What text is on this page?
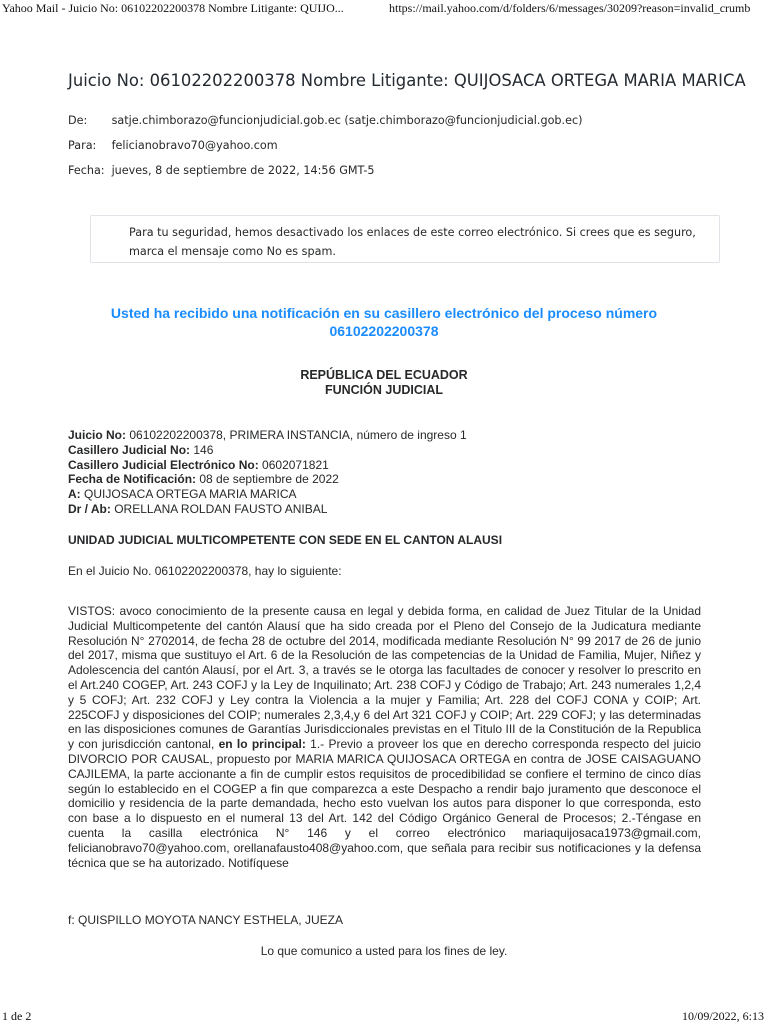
Yahoo Mail - Juicio No: 06102202200378 Nombre Litigante: QUIJO...	https://mail.yahoo.com/d/folders/6/messages/30209?reason=invalid_crumb
Juicio No: 06102202200378 Nombre Litigante: QUIJOSACA ORTEGA MARIA MARICA
De: satje.chimborazo@funcionjudicial.gob.ec (satje.chimborazo@funcionjudicial.gob.ec)
Para: felicianobravo70@yahoo.com
Fecha: jueves, 8 de septiembre de 2022, 14:56 GMT-5

Para tu seguridad, hemos desactivado los enlaces de este correo electrónico. Si crees que es seguro, marca el mensaje como No es spam.

Usted ha recibido una notificación en su casillero electrónico del proceso número
06102202200378
REPÚBLICA DEL ECUADOR
FUNCIÓN JUDICIAL
Juicio No: 06102202200378, PRIMERA INSTANCIA, número de ingreso 1
Casillero Judicial No: 146
Casillero Judicial Electrónico No: 0602071821
Fecha de Notificación: 08 de septiembre de 2022
A: QUIJOSACA ORTEGA MARIA MARICA
Dr / Ab: ORELLANA ROLDAN FAUSTO ANIBAL
UNIDAD JUDICIAL MULTICOMPETENTE CON SEDE EN EL CANTON ALAUSI
En el Juicio No. 06102202200378, hay lo siguiente:

VISTOS: avoco conocimiento de la presente causa en legal y debida forma, en calidad de Juez Titular de la Unidad Judicial Multicompetente del cantón Alausí que ha sido creada por el Pleno del Consejo de la Judicatura mediante Resolución N° 2702014, de fecha 28 de octubre del 2014, modificada mediante Resolución N° 99 2017 de 26 de junio del 2017, misma que sustituyo el Art. 6 de la Resolución de las competencias de la Unidad de Familia, Mujer, Niñez y Adolescencia del cantón Alausí, por el Art. 3, a través se le otorga las facultades de conocer y resolver lo prescrito en el Art.240 COGEP, Art. 243 COFJ y la Ley de Inquilinato; Art. 238 COFJ y Código de Trabajo; Art. 243 numerales 1,2,4 y 5 COFJ; Art. 232 COFJ y Ley contra la Violencia a la mujer y Familia; Art. 228 del COFJ CONA y COIP; Art. 225COFJ y disposiciones del COIP; numerales 2,3,4,y 6 del Art 321 COFJ y COIP; Art. 229 COFJ; y las determinadas en las disposiciones comunes de Garantías Jurisdiccionales previstas en el Titulo III de la Constitución de la Republica y con jurisdicción cantonal, en lo principal: 1.- Previo a proveer los que en derecho corresponda respecto del juicio DIVORCIO POR CAUSAL, propuesto por MARIA MARICA QUIJOSACA ORTEGA en contra de JOSE CAISAGUANO CAJILEMA, la parte accionante a fin de cumplir estos requisitos de procedibilidad se confiere el termino de cinco días según lo establecido en el COGEP a fin que comparezca a este Despacho a rendir bajo juramento que desconoce el domicilio y residencia de la parte demandada, hecho esto vuelvan los autos para disponer lo que corresponda, esto con base a lo dispuesto en el numeral 13 del Art. 142 del Código Orgánico General de Procesos; 2.-Téngase en cuenta la casilla electrónica N° 146 y el correo electrónico mariaquijosaca1973@gmail.com, felicianobravo70@yahoo.com, orellanafausto408@yahoo.com, que señala para recibir sus notificaciones y la defensa técnica que se ha autorizado. Notifíquese

f: QUISPILLO MOYOTA NANCY ESTHELA, JUEZA
Lo que comunico a usted para los fines de ley.
1 de 2	10/09/2022, 6:13
